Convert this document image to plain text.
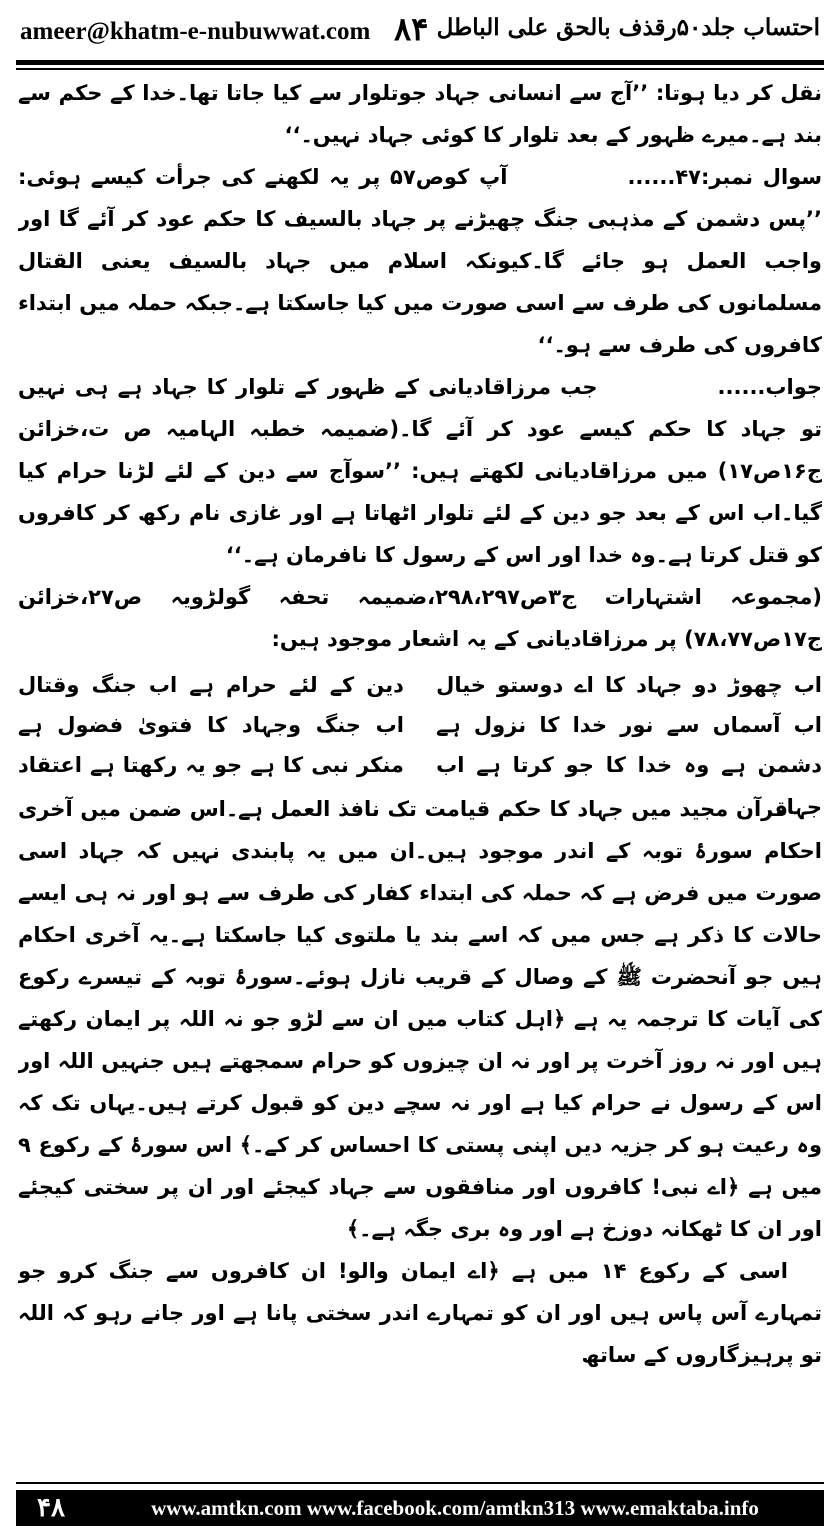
ameer@khatm-e-nubuwwat.com ۸۴ احتساب جلد۵۰رقذف بالحق علی الباطل

نقل کر دیا ہوتا: ’’آج سے انسانی جہاد جوتلوار سے کیا جاتا تھا۔خدا کے حکم سے بند ہے۔میرے ظہور کے بعد تلوار کا کوئی جہاد نہیں۔‘‘

سوال نمبر:۴۷......آپ کوص۵۷ پر یہ لکھنے کی جرأت کیسے ہوئی: ’’پس دشمن کے مذہبی جنگ چھیڑنے پر جہاد بالسیف کا حکم عود کر آئے گا اور واجب العمل ہو جائے گا۔کیونکہ اسلام میں جہاد بالسیف یعنی القتال مسلمانوں کی طرف سے اسی صورت میں کیا جاسکتا ہے۔جبکہ حملہ میں ابتداء کافروں کی طرف سے ہو۔‘‘

جواب......جب مرزاقادیانی کے ظہور کے تلوار کا جہاد ہے ہی نہیں تو جہاد کا حکم کیسے عود کر آئے گا۔(ضمیمہ خطبہ الہامیہ ص ت،خزائن ج۱۶ص۱۷) میں مرزاقادیانی لکھتے ہیں: ’’سوآج سے دین کے لئے لڑنا حرام کیا گیا۔اب اس کے بعد جو دین کے لئے تلوار اٹھاتا ہے اور غازی نام رکھ کر کافروں کو قتل کرتا ہے۔وہ خدا اور اس کے رسول کا نافرمان ہے۔‘‘

(مجموعہ اشتہارات ج۳ص۲۹۸،۲۹۷،ضمیمہ تحفہ گولڑویہ ص۲۷،خزائن ج۱۷ص۷۸،۷۷) پر مرزاقادیانی کے یہ اشعار موجود ہیں:

اب چھوڑ دو جہاد کا اے دوستو خیال
دین کے لئے حرام ہے اب جنگ وقتال
اب آسماں سے نور خدا کا نزول ہے
اب جنگ وجہاد کا فتویٰ فضول ہے
دشمن ہے وہ خدا کا جو کرتا ہے اب جہاد
منکر نبی کا ہے جو یہ رکھتا ہے اعتقاد

قرآن مجید میں جہاد کا حکم قیامت تک نافذ العمل ہے۔اس ضمن میں آخری احکام سورۂ توبہ کے اندر موجود ہیں۔ان میں یہ پابندی نہیں کہ جہاد اسی صورت میں فرض ہے کہ حملہ کی ابتداء کفار کی طرف سے ہو اور نہ ہی ایسے حالات کا ذکر ہے جس میں کہ اسے بند یا ملتوی کیا جاسکتا ہے۔یہ آخری احکام ہیں جو آنحضرت ﷺ کے وصال کے قریب نازل ہوئے۔سورۂ توبہ کے تیسرے رکوع کی آیات کا ترجمہ یہ ہے ﴿اہل کتاب میں ان سے لڑو جو نہ اللہ پر ایمان رکھتے ہیں اور نہ روز آخرت پر اور نہ ان چیزوں کو حرام سمجھتے ہیں جنہیں اللہ اور اس کے رسول نے حرام کیا ہے اور نہ سچے دین کو قبول کرتے ہیں۔یہاں تک کہ وہ رعیت ہو کر جزیہ دیں اپنی پستی کا احساس کر کے۔﴾ اس سورۂ کے رکوع ۹ میں ہے ﴿اے نبی! کافروں اور منافقوں سے جہاد کیجئے اور ان پر سختی کیجئے اور ان کا ٹھکانہ دوزخ ہے اور وہ بری جگہ ہے۔﴾

اسی کے رکوع ۱۴ میں ہے ﴿اے ایمان والو! ان کافروں سے جنگ کرو جو تمہارے آس پاس ہیں اور ان کو تمہارے اندر سختی پانا ہے اور جانے رہو کہ اللہ تو پرہیزگاروں کے ساتھ

۴۸	www.amtkn.com www.facebook.com/amtkn313 www.emaktaba.info
